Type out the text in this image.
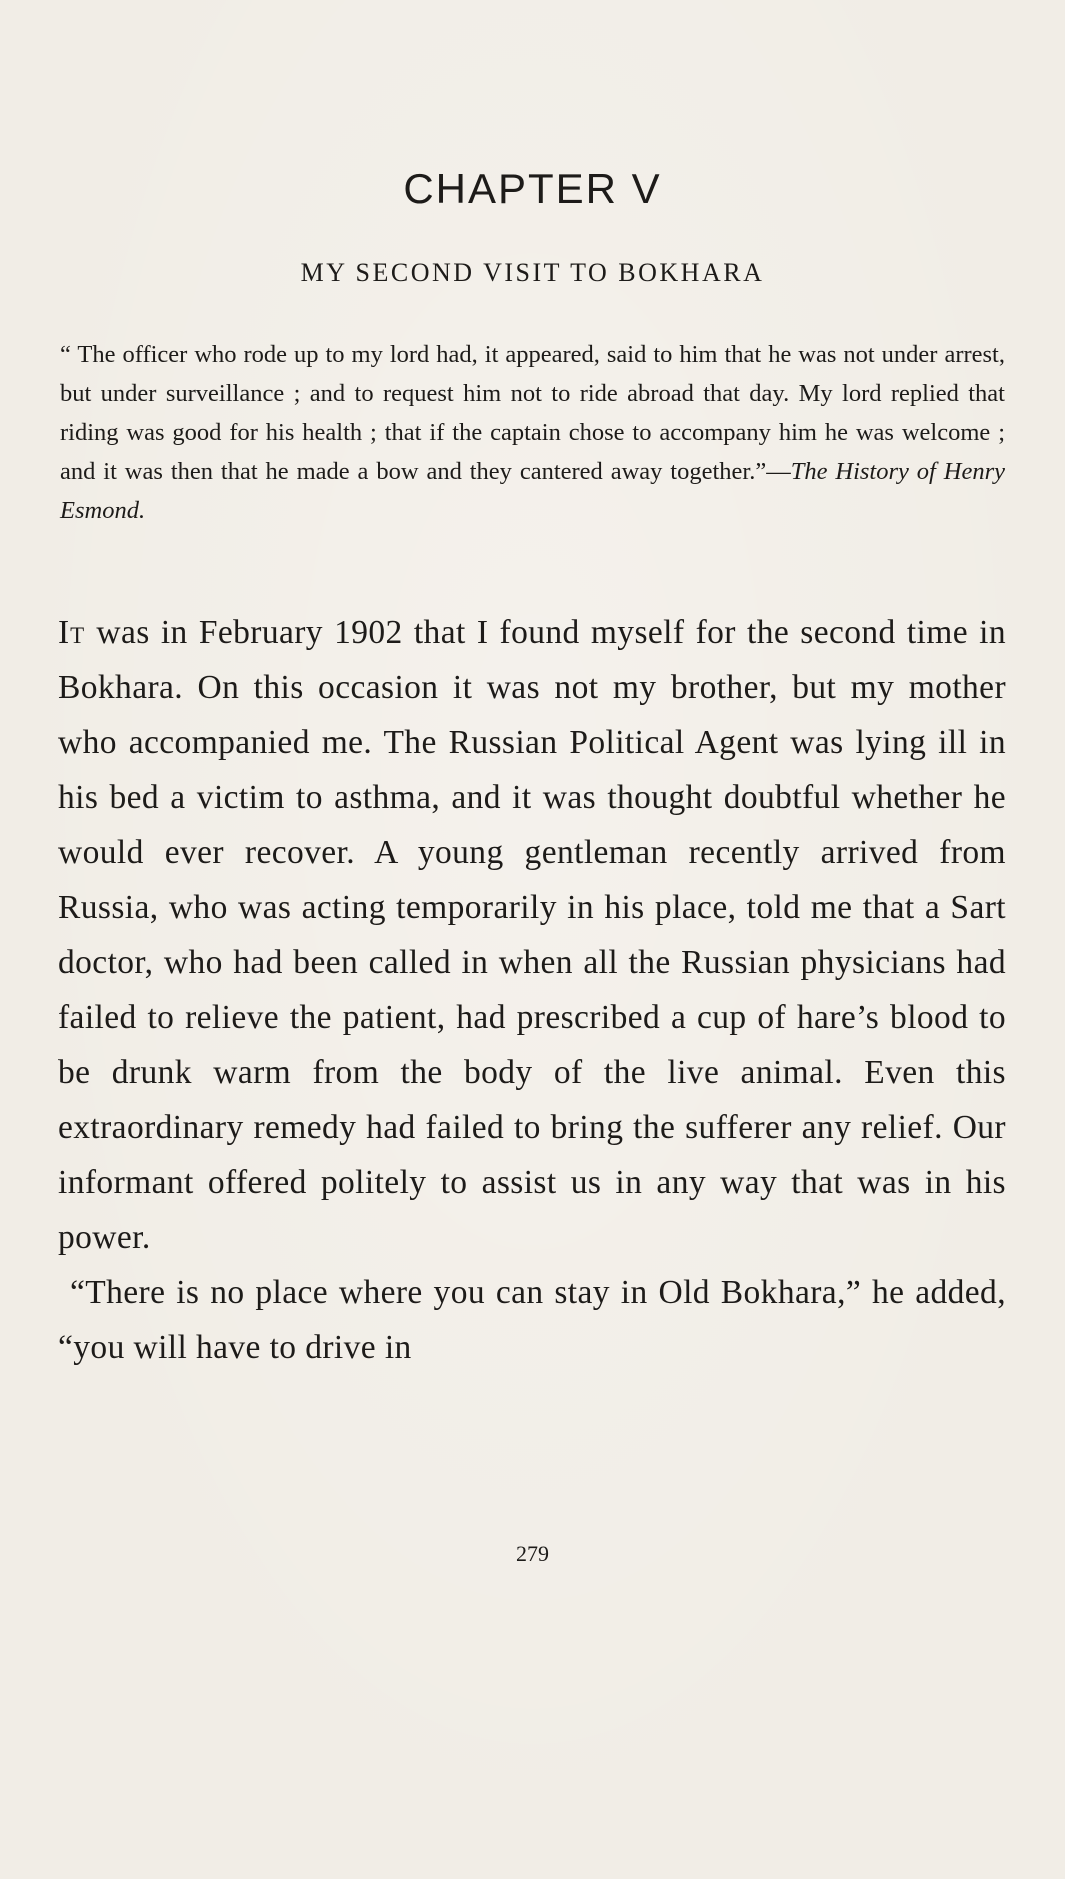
CHAPTER V
MY SECOND VISIT TO BOKHARA

“ The officer who rode up to my lord had, it appeared, said to him that he was not under arrest, but under surveillance ; and to request him not to ride abroad that day. My lord replied that riding was good for his health ; that if the captain chose to accompany him he was welcome ; and it was then that he made a bow and they cantered away together.”—The History of Henry Esmond.

It was in February 1902 that I found myself for the second time in Bokhara. On this occasion it was not my brother, but my mother who accompanied me. The Russian Political Agent was lying ill in his bed a victim to asthma, and it was thought doubtful whether he would ever recover. A young gentleman recently arrived from Russia, who was acting temporarily in his place, told me that a Sart doctor, who had been called in when all the Russian physicians had failed to relieve the patient, had prescribed a cup of hare’s blood to be drunk warm from the body of the live animal. Even this extraordinary remedy had failed to bring the sufferer any relief. Our informant offered politely to assist us in any way that was in his power.

“There is no place where you can stay in Old Bokhara,” he added, “you will have to drive in

279
